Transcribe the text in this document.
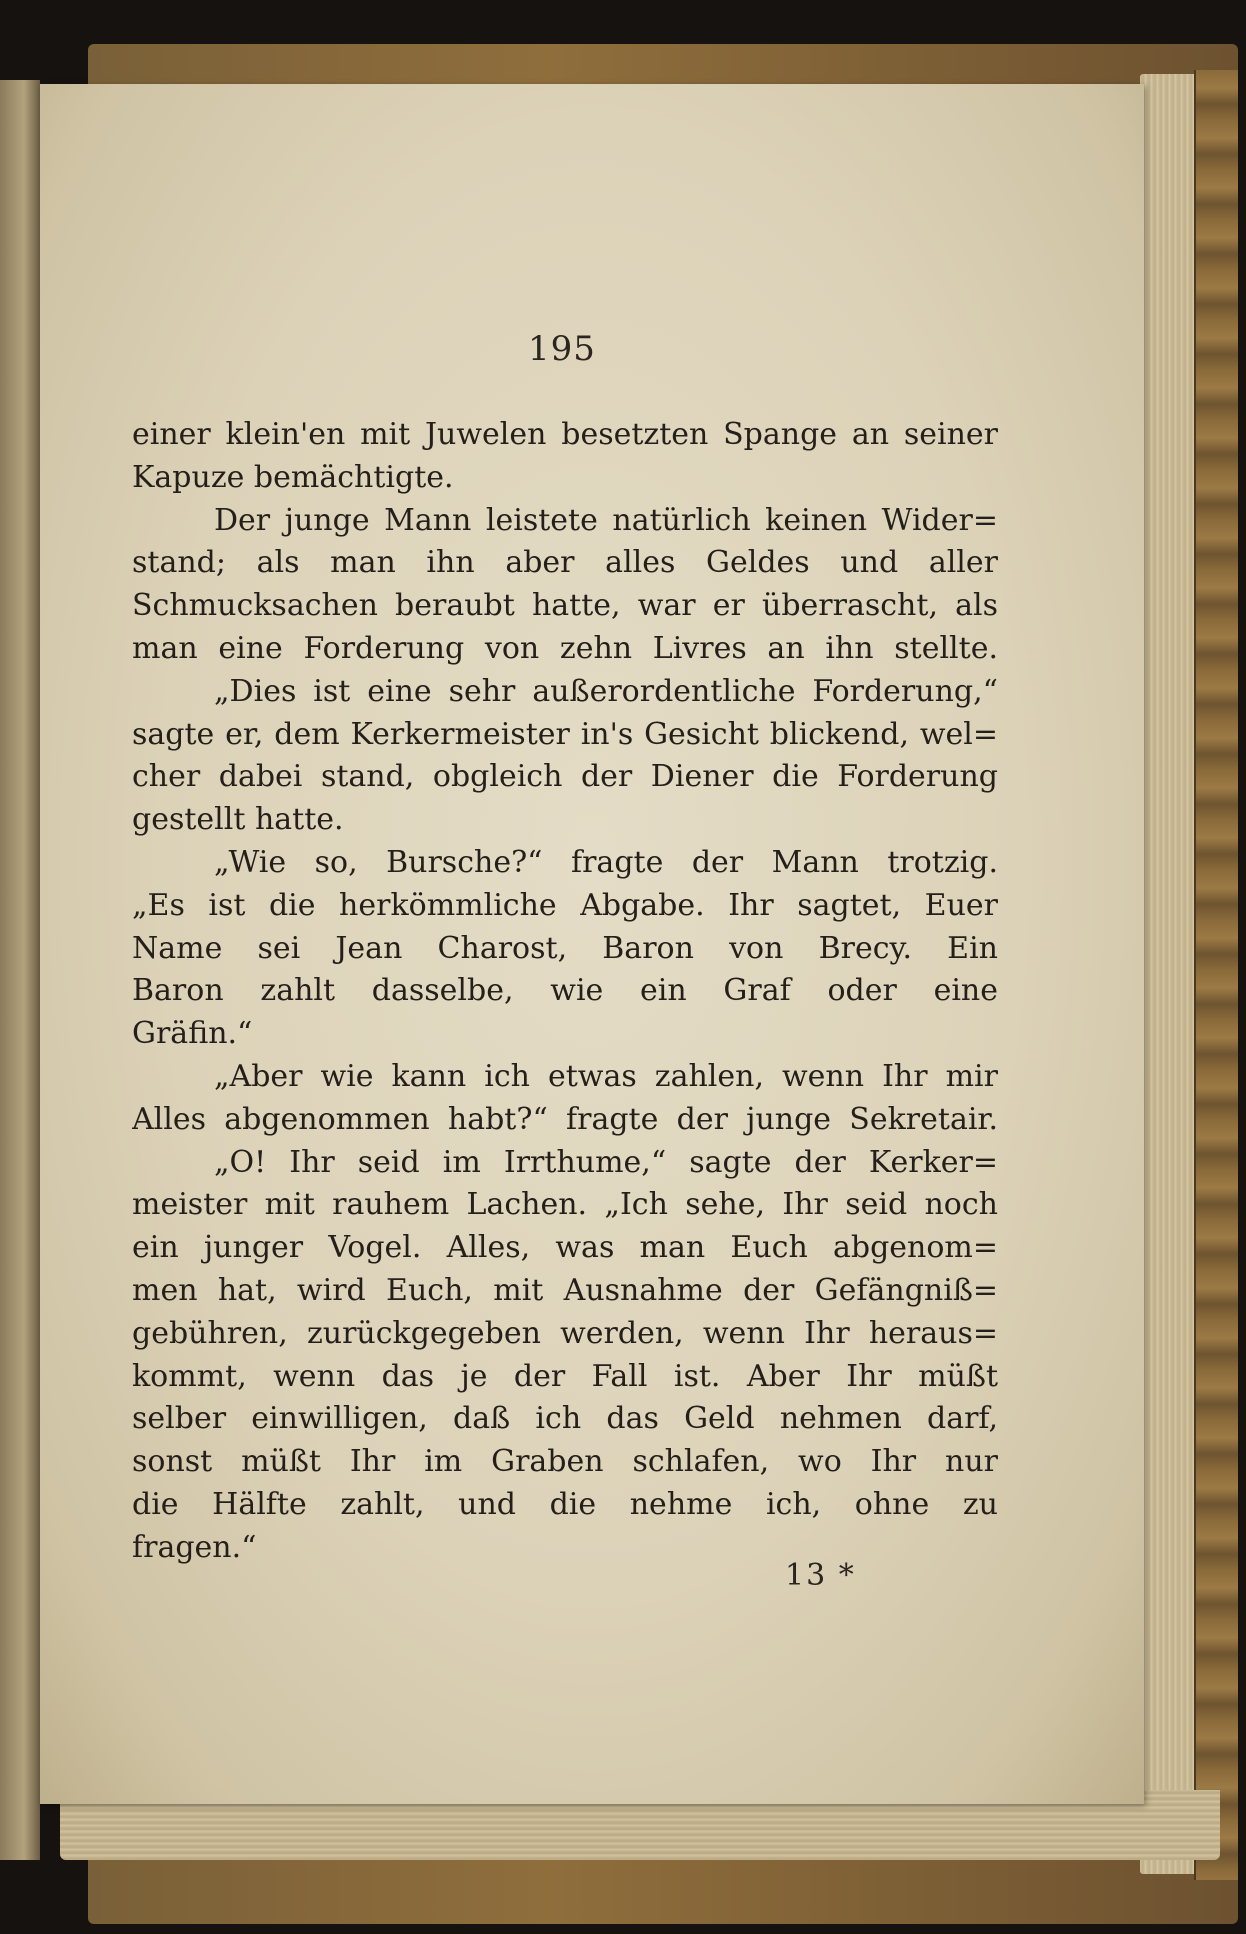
195
einer klein'en mit Juwelen besetzten Spange an seiner
Kapuze bemächtigte.
Der junge Mann leistete natürlich keinen Wider=
stand; als man ihn aber alles Geldes und aller
Schmucksachen beraubt hatte, war er überrascht, als
man eine Forderung von zehn Livres an ihn stellte.
„Dies ist eine sehr außerordentliche Forderung,“
sagte er, dem Kerkermeister in's Gesicht blickend, wel=
cher dabei stand, obgleich der Diener die Forderung
gestellt hatte.
„Wie so, Bursche?“ fragte der Mann trotzig.
„Es ist die herkömmliche Abgabe. Ihr sagtet, Euer
Name sei Jean Charost, Baron von Brecy. Ein
Baron zahlt dasselbe, wie ein Graf oder eine
Gräfin.“
„Aber wie kann ich etwas zahlen, wenn Ihr mir
Alles abgenommen habt?“ fragte der junge Sekretair.
„O! Ihr seid im Irrthume,“ sagte der Kerker=
meister mit rauhem Lachen. „Ich sehe, Ihr seid noch
ein junger Vogel. Alles, was man Euch abgenom=
men hat, wird Euch, mit Ausnahme der Gefängniß=
gebühren, zurückgegeben werden, wenn Ihr heraus=
kommt, wenn das je der Fall ist. Aber Ihr müßt
selber einwilligen, daß ich das Geld nehmen darf,
sonst müßt Ihr im Graben schlafen, wo Ihr nur
die Hälfte zahlt, und die nehme ich, ohne zu
fragen.“
13 *
